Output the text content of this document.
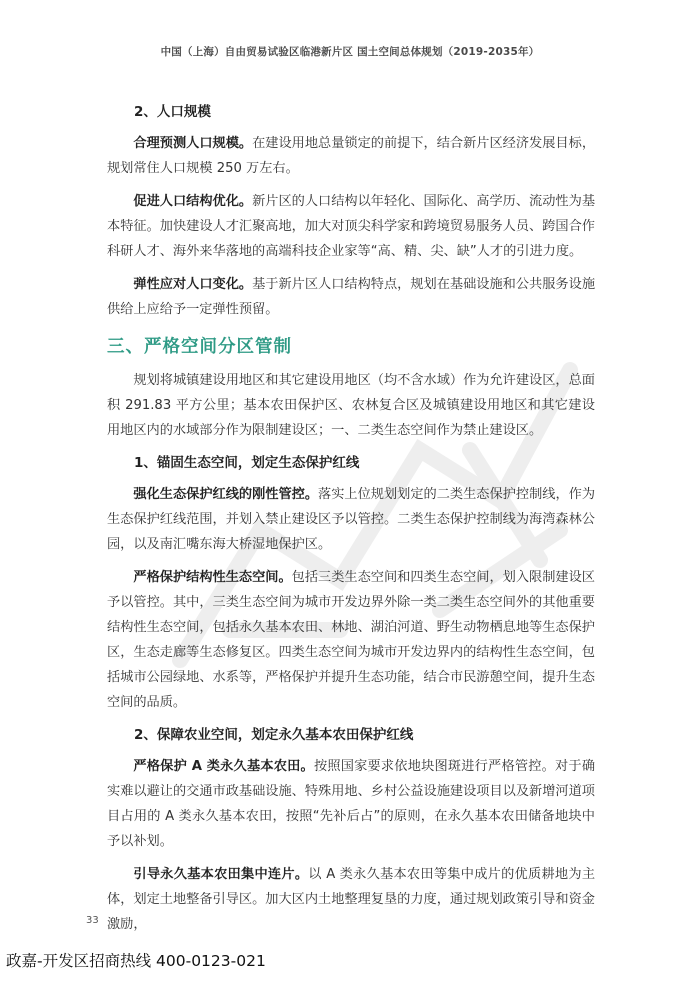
中国（上海）自由贸易试验区临港新片区 国土空间总体规划（2019-2035年）

2、人口规模

合理预测人口规模。在建设用地总量锁定的前提下，结合新片区经济发展目标，规划常住人口规模 250 万左右。

促进人口结构优化。新片区的人口结构以年轻化、国际化、高学历、流动性为基本特征。加快建设人才汇聚高地，加大对顶尖科学家和跨境贸易服务人员、跨国合作科研人才、海外来华落地的高端科技企业家等“高、精、尖、缺”人才的引进力度。

弹性应对人口变化。基于新片区人口结构特点，规划在基础设施和公共服务设施供给上应给予一定弹性预留。

三、严格空间分区管制

规划将城镇建设用地区和其它建设用地区（均不含水域）作为允许建设区，总面积 291.83 平方公里；基本农田保护区、农林复合区及城镇建设用地区和其它建设用地区内的水域部分作为限制建设区；一、二类生态空间作为禁止建设区。

1、锚固生态空间，划定生态保护红线

强化生态保护红线的刚性管控。落实上位规划划定的二类生态保护控制线，作为生态保护红线范围，并划入禁止建设区予以管控。二类生态保护控制线为海湾森林公园，以及南汇嘴东海大桥湿地保护区。

严格保护结构性生态空间。包括三类生态空间和四类生态空间，划入限制建设区予以管控。其中，三类生态空间为城市开发边界外除一类二类生态空间外的其他重要结构性生态空间，包括永久基本农田、林地、湖泊河道、野生动物栖息地等生态保护区，生态走廊等生态修复区。四类生态空间为城市开发边界内的结构性生态空间，包括城市公园绿地、水系等，严格保护并提升生态功能，结合市民游憩空间，提升生态空间的品质。

2、保障农业空间，划定永久基本农田保护红线

严格保护 A 类永久基本农田。按照国家要求依地块图斑进行严格管控。对于确实难以避让的交通市政基础设施、特殊用地、乡村公益设施建设项目以及新增河道项目占用的 A 类永久基本农田，按照“先补后占”的原则，在永久基本农田储备地块中予以补划。

引导永久基本农田集中连片。以 A 类永久基本农田等集中成片的优质耕地为主体，划定土地整备引导区。加大区内土地整理复垦的力度，通过规划政策引导和资金激励，

33
政嘉-开发区招商热线 400-0123-021
